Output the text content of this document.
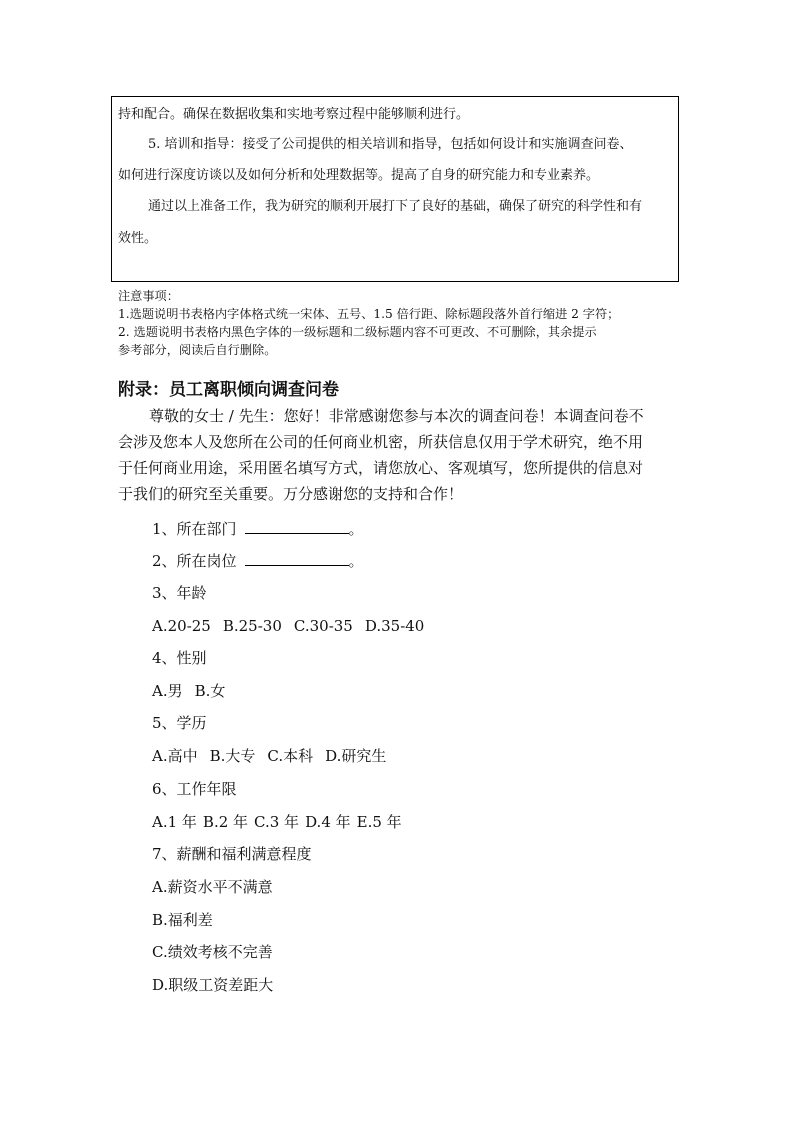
持和配合。确保在数据收集和实地考察过程中能够顺利进行。

5. 培训和指导：接受了公司提供的相关培训和指导，包括如何设计和实施调查问卷、

如何进行深度访谈以及如何分析和处理数据等。提高了自身的研究能力和专业素养。

通过以上准备工作，我为研究的顺利开展打下了良好的基础，确保了研究的科学性和有

效性。

注意事项：
1.选题说明书表格内字体格式统一宋体、五号、1.5 倍行距、除标题段落外首行缩进 2 字符；
2. 选题说明书表格内黑色字体的一级标题和二级标题内容不可更改、不可删除，其余提示
参考部分，阅读后自行删除。
附录：员工离职倾向调查问卷
尊敬的女士 / 先生：您好！非常感谢您参与本次的调查问卷！本调查问卷不
会涉及您本人及您所在公司的任何商业机密，所获信息仅用于学术研究，绝不用
于任何商业用途，采用匿名填写方式，请您放心、客观填写，您所提供的信息对
于我们的研究至关重要。万分感谢您的支持和合作！
1、所在部门	。
2、所在岗位	。
3、年龄
A.20-25 B.25-30 C.30-35 D.35-40
4、性别
A.男 B.女
5、学历
A.高中 B.大专 C.本科 D.研究生
6、工作年限
A.1 年 B.2 年 C.3 年 D.4 年 E.5 年
7、薪酬和福利满意程度
A.薪资水平不满意
B.福利差
C.绩效考核不完善
D.职级工资差距大
